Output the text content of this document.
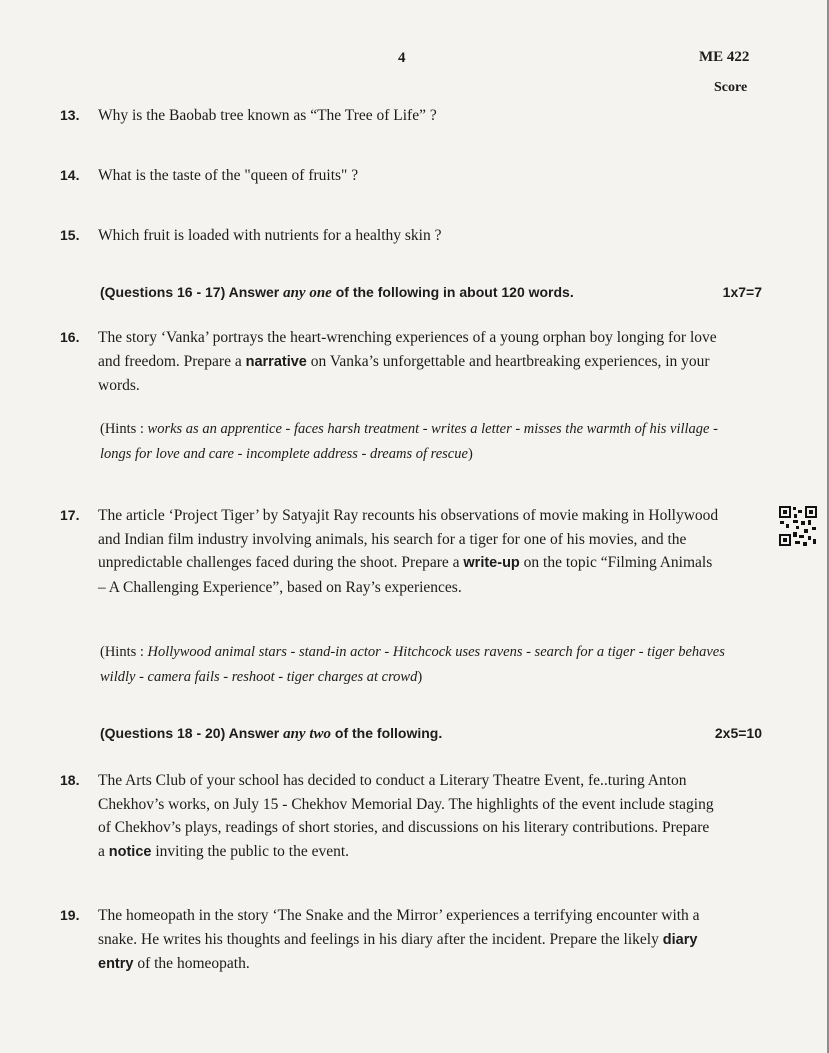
4	ME 422
Score
13.	Why is the Baobab tree known as “The Tree of Life” ?
14.	What is the taste of the "queen of fruits" ?
15.	Which fruit is loaded with nutrients for a healthy skin ?
(Questions 16 - 17) Answer any one of the following in about 120 words.	1x7=7
16.	The story ‘Vanka’ portrays the heart-wrenching experiences of a young orphan boy longing for love and freedom. Prepare a narrative on Vanka’s unforgettable and heartbreaking experiences, in your words.
(Hints : works as an apprentice - faces harsh treatment - writes a letter - misses the warmth of his village - longs for love and care - incomplete address - dreams of rescue)
17.	The article ‘Project Tiger’ by Satyajit Ray recounts his observations of movie making in Hollywood and Indian film industry involving animals, his search for a tiger for one of his movies, and the unpredictable challenges faced during the shoot. Prepare a write-up on the topic “Filming Animals – A Challenging Experience”, based on Ray’s experiences.
(Hints : Hollywood animal stars - stand-in actor - Hitchcock uses ravens - search for a tiger - tiger behaves wildly - camera fails - reshoot - tiger charges at crowd)
(Questions 18 - 20) Answer any two of the following.	2x5=10
18.	The Arts Club of your school has decided to conduct a Literary Theatre Event, fe..turing Anton Chekhov’s works, on July 15 - Chekhov Memorial Day. The highlights of the event include staging of Chekhov’s plays, readings of short stories, and discussions on his literary contributions. Prepare a notice inviting the public to the event.
19.	The homeopath in the story ‘The Snake and the Mirror’ experiences a terrifying encounter with a snake. He writes his thoughts and feelings in his diary after the incident. Prepare the likely diary entry of the homeopath.
